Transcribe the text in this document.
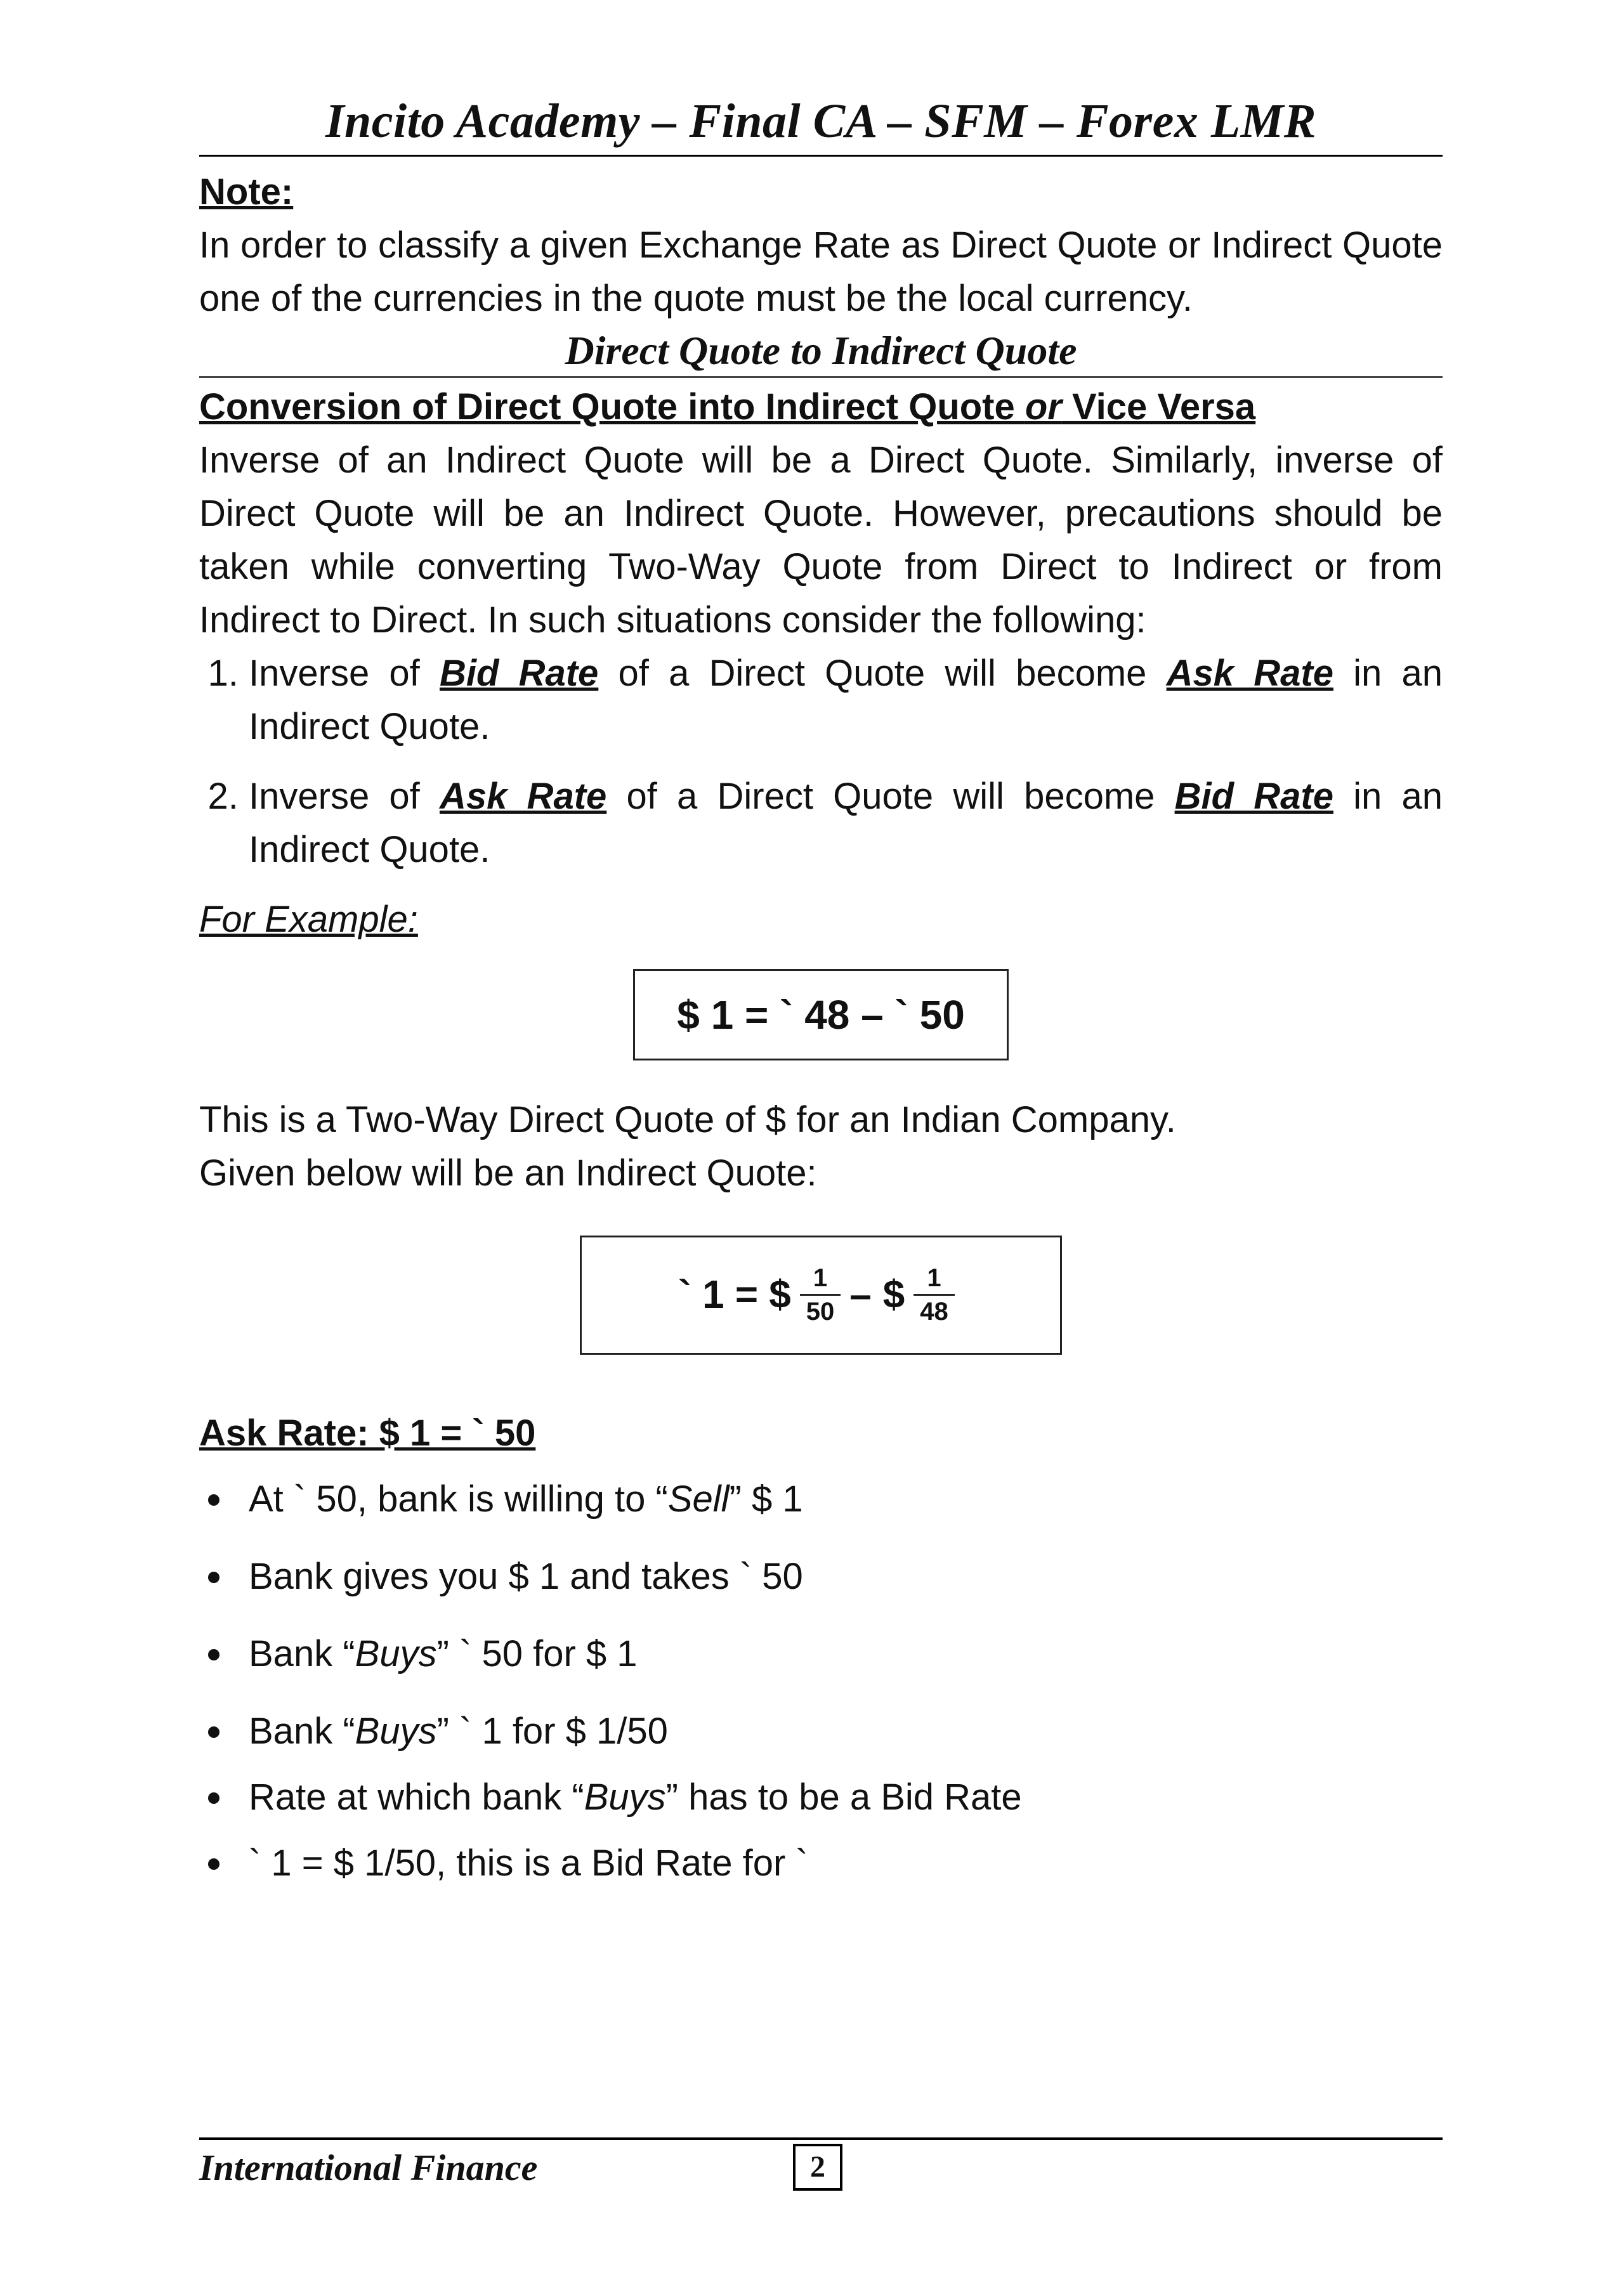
Incito Academy – Final CA – SFM – Forex LMR
Note:

In order to classify a given Exchange Rate as Direct Quote or Indirect Quote one of the currencies in the quote must be the local currency.

Direct Quote to Indirect Quote
Conversion of Direct Quote into Indirect Quote or Vice Versa

Inverse of an Indirect Quote will be a Direct Quote. Similarly, inverse of Direct Quote will be an Indirect Quote. However, precautions should be taken while converting Two-Way Quote from Direct to Indirect or from Indirect to Direct. In such situations consider the following:

1. Inverse of Bid Rate of a Direct Quote will become Ask Rate in an Indirect Quote.
2. Inverse of Ask Rate of a Direct Quote will become Bid Rate in an Indirect Quote.
For Example:
$ 1 = ` 48 – ` 50

This is a Two-Way Direct Quote of $ for an Indian Company.

Given below will be an Indirect Quote:

` 1 = $ $\frac{1}{50}$ – $ $\frac{1}{48}$
Ask Rate: $ 1 = ` 50
At ` 50, bank is willing to “Sell” $ 1
Bank gives you $ 1 and takes ` 50
Bank “Buys” ` 50 for $ 1
Bank “Buys” ` 1 for $ 1/50
Rate at which bank “Buys” has to be a Bid Rate
` 1 = $ 1/50, this is a Bid Rate for `
International Finance	2
